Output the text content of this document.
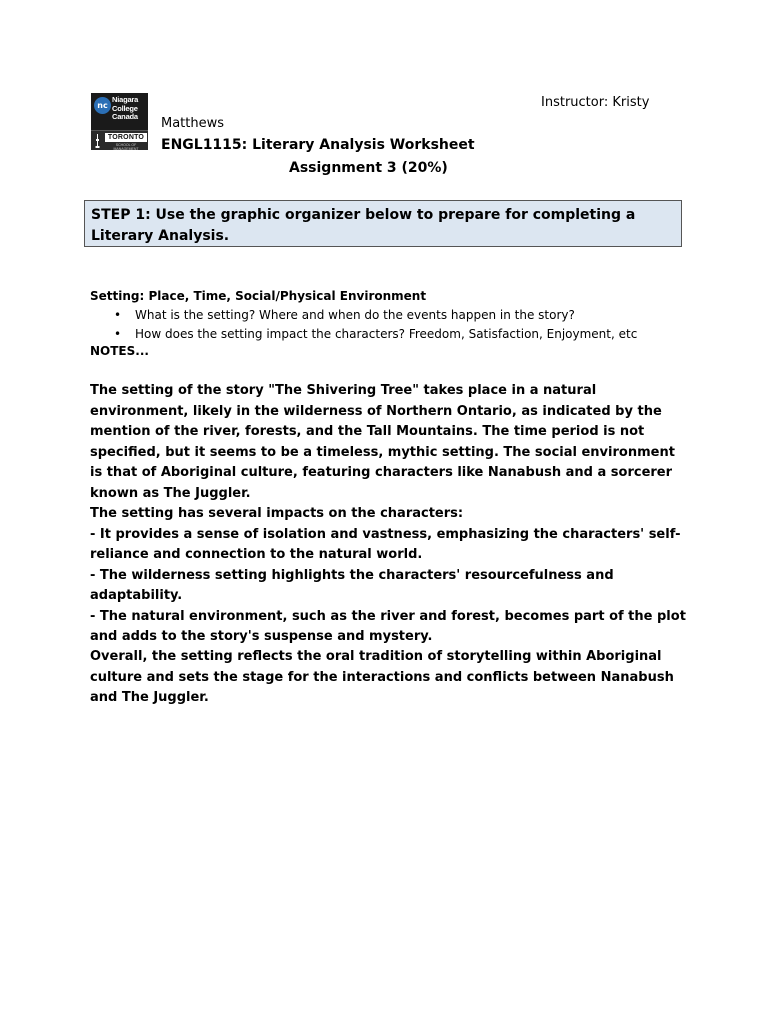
nc
Niagara
College
Canada
TORONTO
SCHOOL OF MANAGEMENT
Instructor: Kristy
Matthews
ENGL1115: Literary Analysis Worksheet
Assignment 3 (20%)
STEP 1: Use the graphic organizer below to prepare for completing a Literary Analysis.
Setting: Place, Time, Social/Physical Environment
• What is the setting? Where and when do the events happen in the story?
• How does the setting impact the characters? Freedom, Satisfaction, Enjoyment, etc
NOTES...

The setting of the story "The Shivering Tree" takes place in a natural environment, likely in the wilderness of Northern Ontario, as indicated by the mention of the river, forests, and the Tall Mountains. The time period is not specified, but it seems to be a timeless, mythic setting. The social environment is that of Aboriginal culture, featuring characters like Nanabush and a sorcerer known as The Juggler.

The setting has several impacts on the characters:

- It provides a sense of isolation and vastness, emphasizing the characters' self-reliance and connection to the natural world.

- The wilderness setting highlights the characters' resourcefulness and adaptability.

- The natural environment, such as the river and forest, becomes part of the plot and adds to the story's suspense and mystery.

Overall, the setting reflects the oral tradition of storytelling within Aboriginal culture and sets the stage for the interactions and conflicts between Nanabush and The Juggler.
